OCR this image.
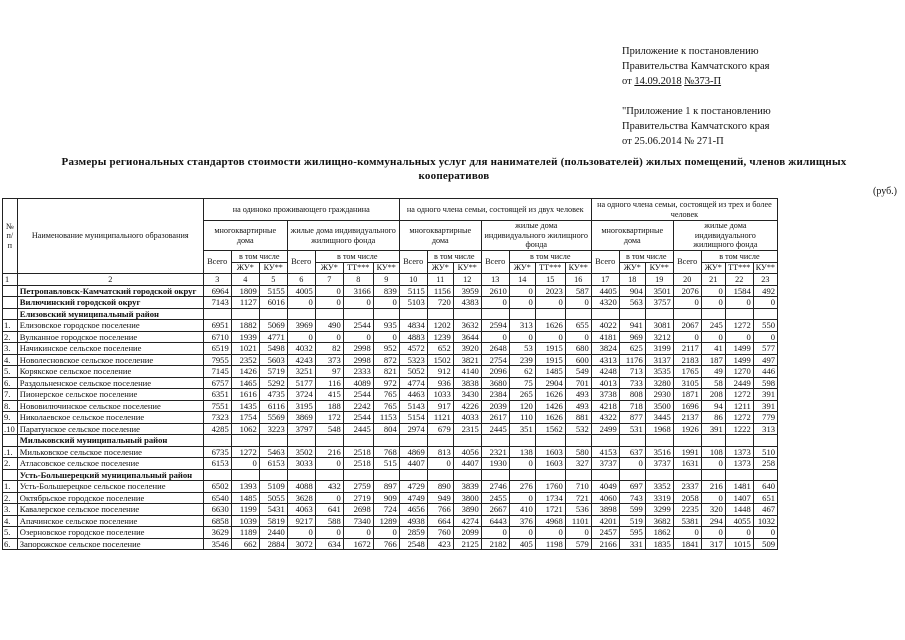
Приложение к постановлению
Правительства Камчатского края
от 14.09.2018 №373-П
"Приложение 1 к постановлению
Правительства Камчатского края
от 25.06.2014 № 271-П
Размеры региональных стандартов стоимости жилищно-коммунальных услуг для нанимателей (пользователей) жилых помещений, членов жилищных
кооперативов
(руб.)
№ п/п	Наименование муниципального образования	на одиноко проживающего гражданина							на одного члена семьи, состоящей из двух человек							на одного члена семьи, состоящей из трех и более человек						
		многоквартирные дома			жилые дома индивидуального жилищного фонда				многоквартирные дома			жилые дома индивидуального жилищного фонда				многоквартирные дома			жилые дома индивидуального жилищного фонда			
		Всего	в том числе		Всего	в том числе			Всего	в том числе		Всего	в том числе			Всего	в том числе		Всего	в том числе		
			ЖУ*	КУ**		ЖУ*	ТТ***	КУ**		ЖУ*	КУ**		ЖУ*	ТТ***	КУ**		ЖУ*	КУ**		ЖУ*	ТТ***	КУ**
1	2	3	4	5	6	7	8	9	10	11	12	13	14	15	16	17	18	19	20	21	22	23
	Петропавловск-Камчатский городской округ	6964	1809	5155	4005	0	3166	839	5115	1156	3959	2610	0	2023	587	4405	904	3501	2076	0	1584	492
	Вилючинский городской округ	7143	1127	6016	0	0	0	0	5103	720	4383	0	0	0	0	4320	563	3757	0	0	0	0
	Елизовский муниципальный район																					
1.	Елизовское городское поселение	6951	1882	5069	3969	490	2544	935	4834	1202	3632	2594	313	1626	655	4022	941	3081	2067	245	1272	550
2.	Вулканное городское поселение	6710	1939	4771	0	0	0	0	4883	1239	3644	0	0	0	0	4181	969	3212	0	0	0	0
3.	Начикинское сельское поселение	6519	1021	5498	4032	82	2998	952	4572	652	3920	2648	53	1915	680	3824	625	3199	2117	41	1499	577
4.	Новолесновское сельское поселение	7955	2352	5603	4243	373	2998	872	5323	1502	3821	2754	239	1915	600	4313	1176	3137	2183	187	1499	497
5.	Корякское сельское поселение	7145	1426	5719	3251	97	2333	821	5052	912	4140	2096	62	1485	549	4248	713	3535	1765	49	1270	446
6.	Раздольненское сельское поселение	6757	1465	5292	5177	116	4089	972	4774	936	3838	3680	75	2904	701	4013	733	3280	3105	58	2449	598
7.	Пионерское сельское поселение	6351	1616	4735	3724	415	2544	765	4463	1033	3430	2384	265	1626	493	3738	808	2930	1871	208	1272	391
8.	Нововилючинское сельское поселение	7551	1435	6116	3195	188	2242	765	5143	917	4226	2039	120	1426	493	4218	718	3500	1696	94	1211	391
9.	Николаевское сельское поселение	7323	1754	5569	3869	172	2544	1153	5154	1121	4033	2617	110	1626	881	4322	877	3445	2137	86	1272	779
.10	Паратунское сельское поселение	4285	1062	3223	3797	548	2445	804	2974	679	2315	2445	351	1562	532	2499	531	1968	1926	391	1222	313
	Мильковский муниципальный район																					
.1.	Мильковское сельское поселение	6735	1272	5463	3502	216	2518	768	4869	813	4056	2321	138	1603	580	4153	637	3516	1991	108	1373	510
2.	Атласовское сельское поселение	6153	0	6153	3033	0	2518	515	4407	0	4407	1930	0	1603	327	3737	0	3737	1631	0	1373	258
	Усть-Большерецкий муниципальный район																					
1.	Усть-Большерецкое сельское поселение	6502	1393	5109	4088	432	2759	897	4729	890	3839	2746	276	1760	710	4049	697	3352	2337	216	1481	640
2.	Октябрьское городское поселение	6540	1485	5055	3628	0	2719	909	4749	949	3800	2455	0	1734	721	4060	743	3319	2058	0	1407	651
3.	Кавалерское сельское поселение	6630	1199	5431	4063	641	2698	724	4656	766	3890	2667	410	1721	536	3898	599	3299	2235	320	1448	467
4.	Апачинское сельское поселение	6858	1039	5819	9217	588	7340	1289	4938	664	4274	6443	376	4968	1101	4201	519	3682	5381	294	4055	1032
5.	Озерновское городское поселение	3629	1189	2440	0	0	0	0	2859	760	2099	0	0	0	0	2457	595	1862	0	0	0	0
6.	Запорожское сельское поселение	3546	662	2884	3072	634	1672	766	2548	423	2125	2182	405	1198	579	2166	331	1835	1841	317	1015	509
